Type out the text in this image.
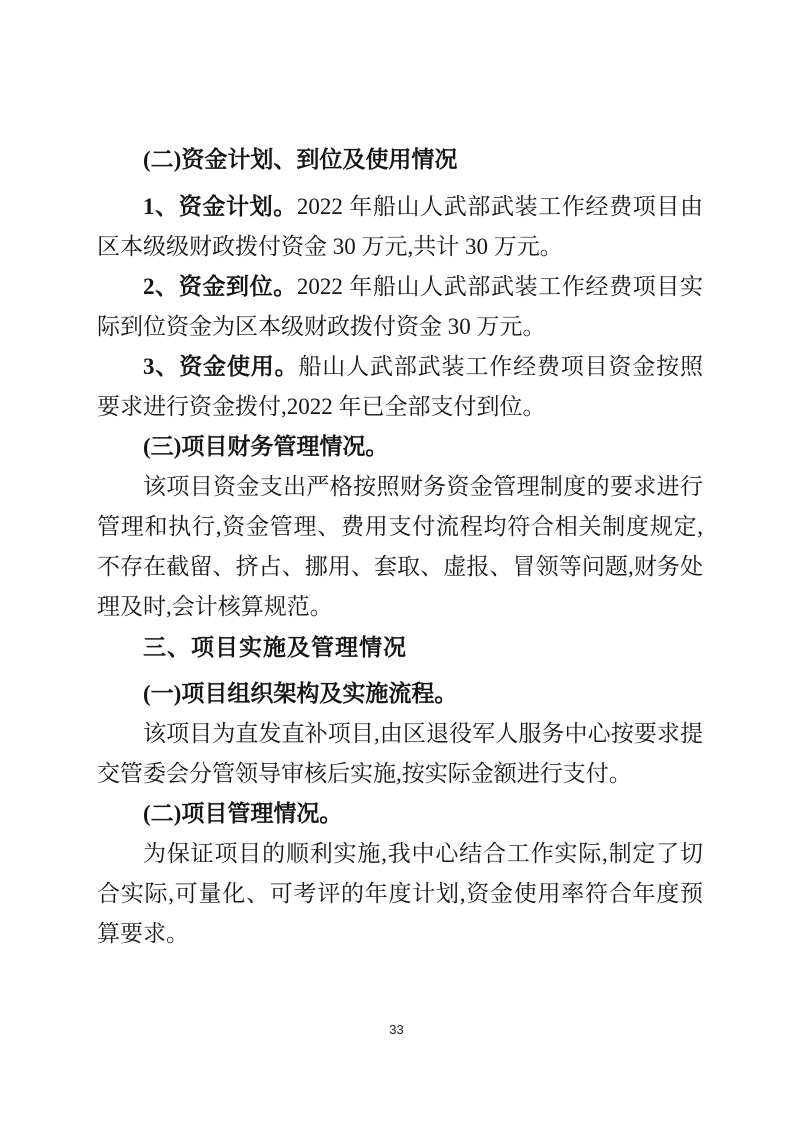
(二)资金计划、到位及使用情况

1、资金计划。2022 年船山人武部武装工作经费项目由区本级级财政拨付资金 30 万元,共计 30 万元。

2、资金到位。2022 年船山人武部武装工作经费项目实际到位资金为区本级财政拨付资金 30 万元。

3、资金使用。船山人武部武装工作经费项目资金按照要求进行资金拨付,2022 年已全部支付到位。

(三)项目财务管理情况。

该项目资金支出严格按照财务资金管理制度的要求进行管理和执行,资金管理、费用支付流程均符合相关制度规定,不存在截留、挤占、挪用、套取、虚报、冒领等问题,财务处理及时,会计核算规范。

三、项目实施及管理情况
(一)项目组织架构及实施流程。

该项目为直发直补项目,由区退役军人服务中心按要求提交管委会分管领导审核后实施,按实际金额进行支付。

(二)项目管理情况。

为保证项目的顺利实施,我中心结合工作实际,制定了切合实际,可量化、可考评的年度计划,资金使用率符合年度预算要求。

33
